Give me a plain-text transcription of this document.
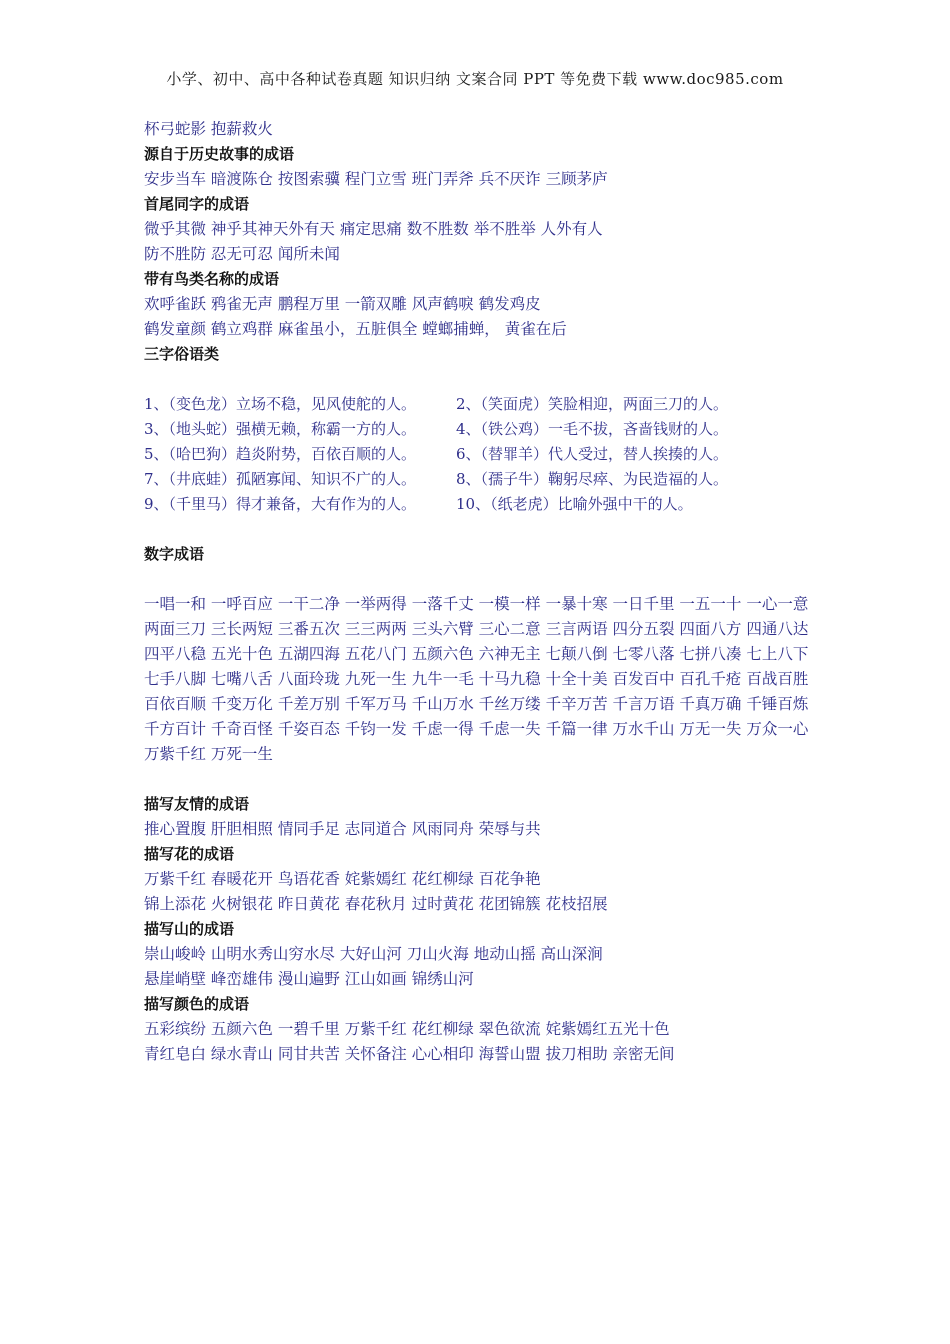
小学、初中、高中各种试卷真题 知识归纳 文案合同 PPT 等免费下载 www.doc985.com
杯弓蛇影 抱薪救火
源自于历史故事的成语
安步当车 暗渡陈仓 按图索骥 程门立雪 班门弄斧 兵不厌诈 三顾茅庐
首尾同字的成语
微乎其微 神乎其神天外有天 痛定思痛 数不胜数 举不胜举 人外有人
防不胜防 忍无可忍 闻所未闻
带有鸟类名称的成语
欢呼雀跃 鸦雀无声 鹏程万里 一箭双雕 风声鹤唳 鹤发鸡皮
鹤发童颜 鹤立鸡群 麻雀虽小，五脏俱全 螳螂捕蝉， 黄雀在后
三字俗语类
1、（变色龙）立场不稳，见风使舵的人。	2、（笑面虎）笑脸相迎，两面三刀的人。
3、（地头蛇）强横无赖，称霸一方的人。	4、（铁公鸡）一毛不拔，吝啬钱财的人。
5、（哈巴狗）趋炎附势，百依百顺的人。	6、（替罪羊）代人受过，替人挨揍的人。
7、（井底蛙）孤陋寡闻、知识不广的人。	8、（孺子牛）鞠躬尽瘁、为民造福的人。
9、（千里马）得才兼备，大有作为的人。	10、（纸老虎）比喻外强中干的人。
数字成语
一唱一和 一呼百应 一干二净 一举两得 一落千丈 一模一样 一暴十寒 一日千里 一五一十 一心一意
两面三刀 三长两短 三番五次 三三两两 三头六臂 三心二意 三言两语 四分五裂 四面八方 四通八达
四平八稳 五光十色 五湖四海 五花八门 五颜六色 六神无主 七颠八倒 七零八落 七拼八凑 七上八下
七手八脚 七嘴八舌 八面玲珑 九死一生 九牛一毛 十马九稳 十全十美 百发百中 百孔千疮 百战百胜
百依百顺 千变万化 千差万别 千军万马 千山万水 千丝万缕 千辛万苦 千言万语 千真万确 千锤百炼
千方百计 千奇百怪 千姿百态 千钧一发 千虑一得 千虑一失 千篇一律 万水千山 万无一失 万众一心
万紫千红 万死一生
描写友情的成语
推心置腹 肝胆相照 情同手足 志同道合 风雨同舟 荣辱与共
描写花的成语
万紫千红 春暖花开 鸟语花香 姹紫嫣红 花红柳绿 百花争艳
锦上添花 火树银花 昨日黄花 春花秋月 过时黄花 花团锦簇 花枝招展
描写山的成语
崇山峻岭 山明水秀山穷水尽 大好山河 刀山火海 地动山摇 高山深涧
悬崖峭壁 峰峦雄伟 漫山遍野 江山如画 锦绣山河
描写颜色的成语
五彩缤纷 五颜六色 一碧千里 万紫千红 花红柳绿 翠色欲流 姹紫嫣红五光十色
青红皂白 绿水青山 同甘共苦 关怀备注 心心相印 海誓山盟 拔刀相助 亲密无间
